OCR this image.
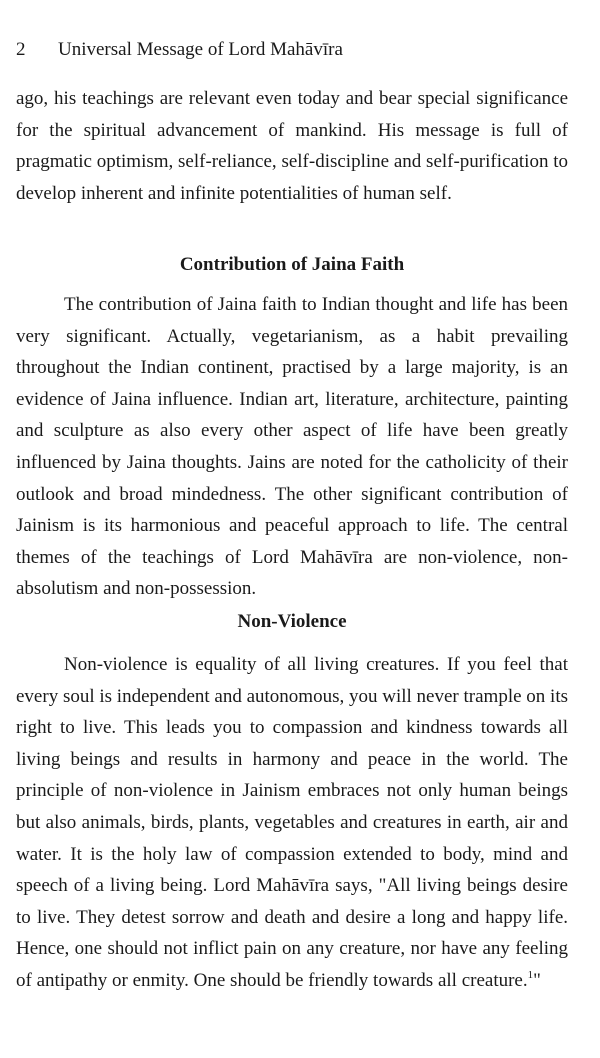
2 Universal Message of Lord Mahāvīra

ago, his teachings are relevant even today and bear special significance for the spiritual advancement of mankind. His message is full of pragmatic optimism, self-reliance, self-discipline and self-purification to develop inherent and infinite potentialities of human self.

Contribution of Jaina Faith

The contribution of Jaina faith to Indian thought and life has been very significant. Actually, vegetarianism, as a habit prevailing throughout the Indian continent, practised by a large majority, is an evidence of Jaina influence. Indian art, literature, architecture, painting and sculpture as also every other aspect of life have been greatly influenced by Jaina thoughts. Jains are noted for the catholicity of their outlook and broad mindedness. The other significant contribution of Jainism is its harmonious and peaceful approach to life. The central themes of the teachings of Lord Mahāvīra are non-violence, non-absolutism and non-possession.

Non-Violence

Non-violence is equality of all living creatures. If you feel that every soul is independent and autonomous, you will never trample on its right to live. This leads you to compassion and kindness towards all living beings and results in harmony and peace in the world. The principle of non-violence in Jainism embraces not only human beings but also animals, birds, plants, vegetables and creatures in earth, air and water. It is the holy law of compassion extended to body, mind and speech of a living being. Lord Mahāvīra says, "All living beings desire to live. They detest sorrow and death and desire a long and happy life. Hence, one should not inflict pain on any creature, nor have any feeling of antipathy or enmity. One should be friendly towards all creature.$^1$"
